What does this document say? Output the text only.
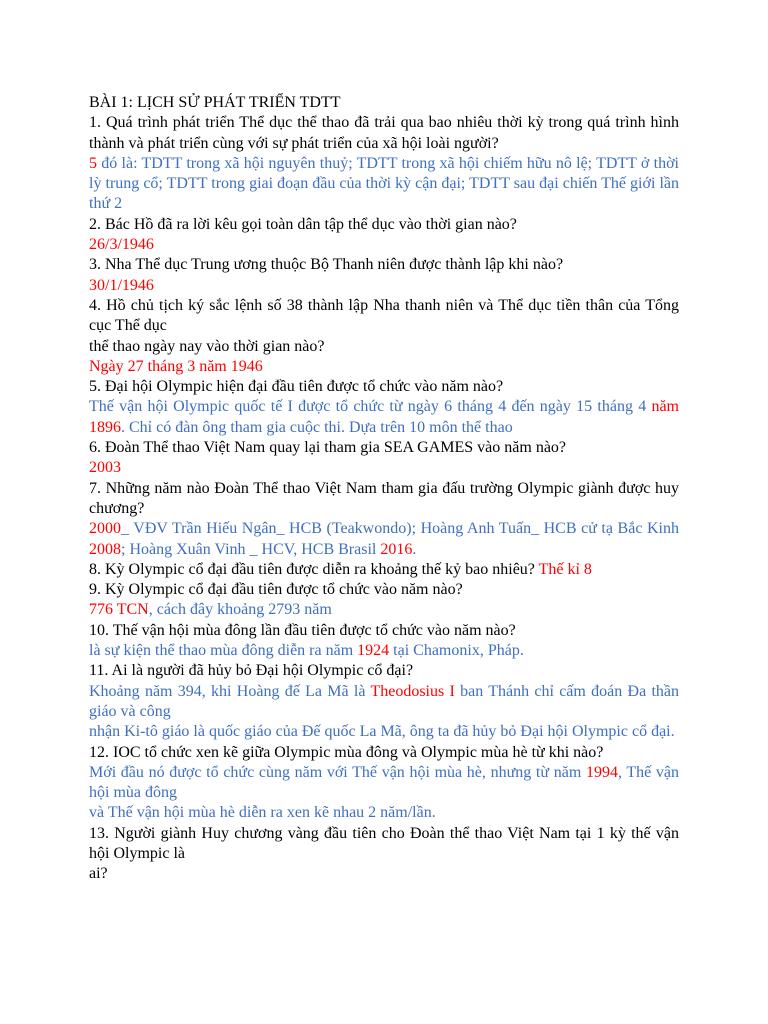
BÀI 1: LỊCH SỬ PHÁT TRIỂN TDTT

1. Quá trình phát triển Thể dục thể thao đã trải qua bao nhiêu thời kỳ trong quá trình hình thành và phát triển cùng với sự phát triển của xã hội loài người?

5 đó là: TDTT trong xã hội nguyên thuỷ; TDTT trong xã hội chiếm hữu nô lệ; TDTT ở thời lỳ trung cổ; TDTT trong giai đoạn đầu của thời kỳ cận đại; TDTT sau đại chiến Thế giới lần thứ 2

2. Bác Hồ đã ra lời kêu gọi toàn dân tập thể dục vào thời gian nào?

26/3/1946

3. Nha Thể dục Trung ương thuộc Bộ Thanh niên được thành lập khi nào?

30/1/1946

4. Hồ chủ tịch ký sắc lệnh số 38 thành lập Nha thanh niên và Thể dục tiền thân của Tổng cục Thể dục

thể thao ngày nay vào thời gian nào?

Ngày 27 tháng 3 năm 1946

5. Đại hội Olympic hiện đại đầu tiên được tổ chức vào năm nào?

Thế vận hội Olympic quốc tế I được tổ chức từ ngày 6 tháng 4 đến ngày 15 tháng 4 năm 1896. Chỉ có đàn ông tham gia cuộc thi. Dựa trên 10 môn thể thao

6. Đoàn Thể thao Việt Nam quay lại tham gia SEA GAMES vào năm nào?

2003

7. Những năm nào Đoàn Thể thao Việt Nam tham gia đấu trường Olympic giành được huy chương?

2000_ VĐV Trần Hiếu Ngân_ HCB (Teakwondo); Hoàng Anh Tuấn_ HCB cử tạ Bắc Kinh 2008; Hoàng Xuân Vinh _ HCV, HCB Brasil 2016.

8. Kỳ Olympic cổ đại đầu tiên được diễn ra khoảng thế kỷ bao nhiêu? Thế kỉ 8

9. Kỳ Olympic cổ đại đầu tiên được tổ chức vào năm nào?

776 TCN, cách đây khoảng 2793 năm

10. Thế vận hội mùa đông lần đầu tiên được tổ chức vào năm nào?

là sự kiện thể thao mùa đông diễn ra năm 1924 tại Chamonix, Pháp.

11. Ai là người đã hủy bỏ Đại hội Olympic cổ đại?

Khoảng năm 394, khi Hoàng đế La Mã là Theodosius I ban Thánh chỉ cấm đoán Đa thần giáo và công

nhận Ki-tô giáo là quốc giáo của Đế quốc La Mã, ông ta đã hủy bỏ Đại hội Olympic cổ đại.

12. IOC tổ chức xen kẽ giữa Olympic mùa đông và Olympic mùa hè từ khi nào?

Mới đầu nó được tổ chức cùng năm với Thế vận hội mùa hè, nhưng từ năm 1994, Thế vận hội mùa đông

và Thế vận hội mùa hè diễn ra xen kẽ nhau 2 năm/lần.

13. Người giành Huy chương vàng đầu tiên cho Đoàn thể thao Việt Nam tại 1 kỳ thế vận hội Olympic là

ai?
